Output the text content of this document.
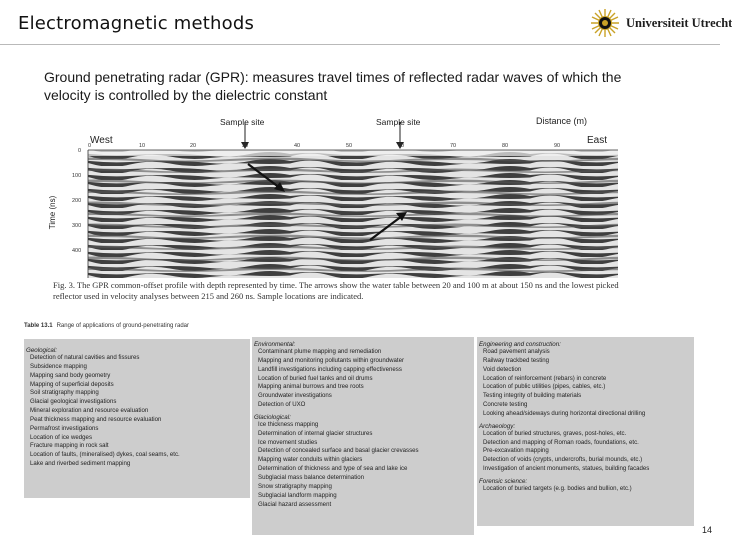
Electromagnetic methods	Universiteit Utrecht
Ground penetrating radar (GPR): measures travel times of reflected radar waves of which the velocity is controlled by the dielectric constant
Sample site	Sample site	Distance (m)
West	East
0	10	20	30	40	50	60	70	80	90
0
100
200
300
400
Time (ns)
Fig. 3. The GPR common-offset profile with depth represented by time. The arrows show the water table between 20 and 100 m at about 150 ns and the lowest picked reflector used in velocity analyses between 215 and 260 ns. Sample locations are indicated.
Table 13.1 Range of applications of ground-penetrating radar
Geological:
Detection of natural cavities and fissures
Subsidence mapping
Mapping sand body geometry
Mapping of superficial deposits
Soil stratigraphy mapping
Glacial geological investigations
Mineral exploration and resource evaluation
Peat thickness mapping and resource evaluation
Permafrost investigations
Location of ice wedges
Fracture mapping in rock salt
Location of faults, (mineralised) dykes, coal seams, etc.
Lake and riverbed sediment mapping
Environmental:
Contaminant plume mapping and remediation
Mapping and monitoring pollutants within groundwater
Landfill investigations including capping effectiveness
Location of buried fuel tanks and oil drums
Mapping animal burrows and tree roots
Groundwater investigations
Detection of UXO
Glaciological:
Ice thickness mapping
Determination of internal glacier structures
Ice movement studies
Detection of concealed surface and basal glacier crevasses
Mapping water conduits within glaciers
Determination of thickness and type of sea and lake ice
Subglacial mass balance determination
Snow stratigraphy mapping
Subglacial landform mapping
Glacial hazard assessment
Engineering and construction:
Road pavement analysis
Railway trackbed testing
Void detection
Location of reinforcement (rebars) in concrete
Location of public utilities (pipes, cables, etc.)
Testing integrity of building materials
Concrete testing
Looking ahead/sideways during horizontal directional drilling
Archaeology:
Location of buried structures, graves, post-holes, etc.
Detection and mapping of Roman roads, foundations, etc.
Pre-excavation mapping
Detection of voids (crypts, undercrofts, burial mounds, etc.)
Investigation of ancient monuments, statues, building facades
Forensic science:
Location of buried targets (e.g. bodies and bullion, etc.)
14
